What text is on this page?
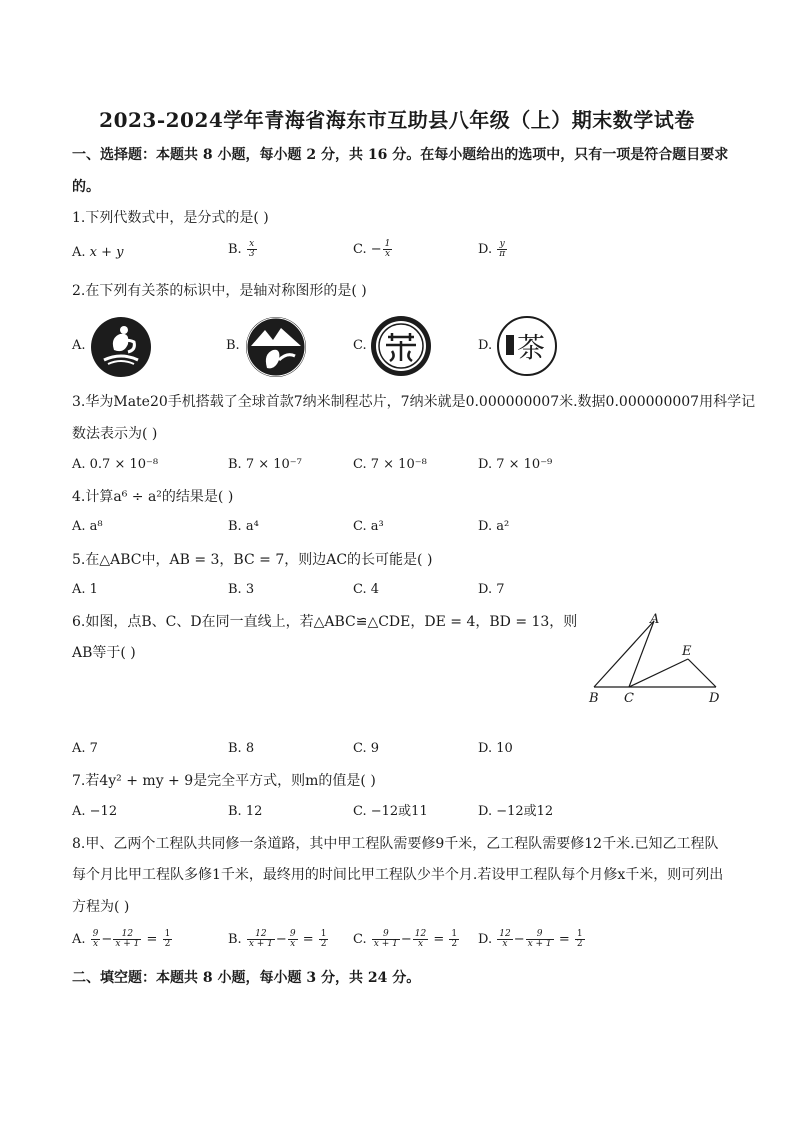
2023-2024学年青海省海东市互助县八年级（上）期末数学试卷
一、选择题：本题共 8 小题，每小题 2 分，共 16 分。在每小题给出的选项中，只有一项是符合题目要求
的。
1.下列代数式中，是分式的是( )
A. x + y	B. $\frac{x}{3}$	C. − $\frac{1}{x}$	D. $\frac{y}{\pi}$
2.在下列有关茶的标识中，是轴对称图形的是( )
A.	B.	C.	D. 茶
3.华为Mate20手机搭载了全球首款7纳米制程芯片，7纳米就是0.000000007米.数据0.000000007用科学记
数法表示为( )
A. 0.7 × 10⁻⁸	B. 7 × 10⁻⁷	C. 7 × 10⁻⁸	D. 7 × 10⁻⁹
4.计算a⁶ ÷ a²的结果是( )
A. a⁸	B. a⁴	C. a³	D. a²
5.在△ABC中，AB = 3，BC = 7，则边AC的长可能是( )
A. 1	B. 3	C. 4	D. 7
6.如图，点B、C、D在同一直线上，若△ABC≌△CDE，DE = 4，BD = 13，则
AB等于( )
A
B C	D
E
A. 7	B. 8	C. 9	D. 10
7.若4y² + my + 9是完全平方式，则m的值是( )
A. −12	B. 12	C. −12或11	D. −12或12
8.甲、乙两个工程队共同修一条道路，其中甲工程队需要修9千米，乙工程队需要修12千米.已知乙工程队
每个月比甲工程队多修1千米，最终用的时间比甲工程队少半个月.若设甲工程队每个月修x千米，则可列出
方程为( )
A. $\frac{9}{x} - \frac{12}{x + 1} = \frac{1}{2}$	B. $\frac{12}{x + 1} - \frac{9}{x} = \frac{1}{2} C$. $\frac{9}{x + 1} - \frac{12}{x} = \frac{1}{2} D$. $\frac{12}{x} - \frac{9}{x + 1} = \frac{1}{2}$
二、填空题：本题共 8 小题，每小题 3 分，共 24 分。
